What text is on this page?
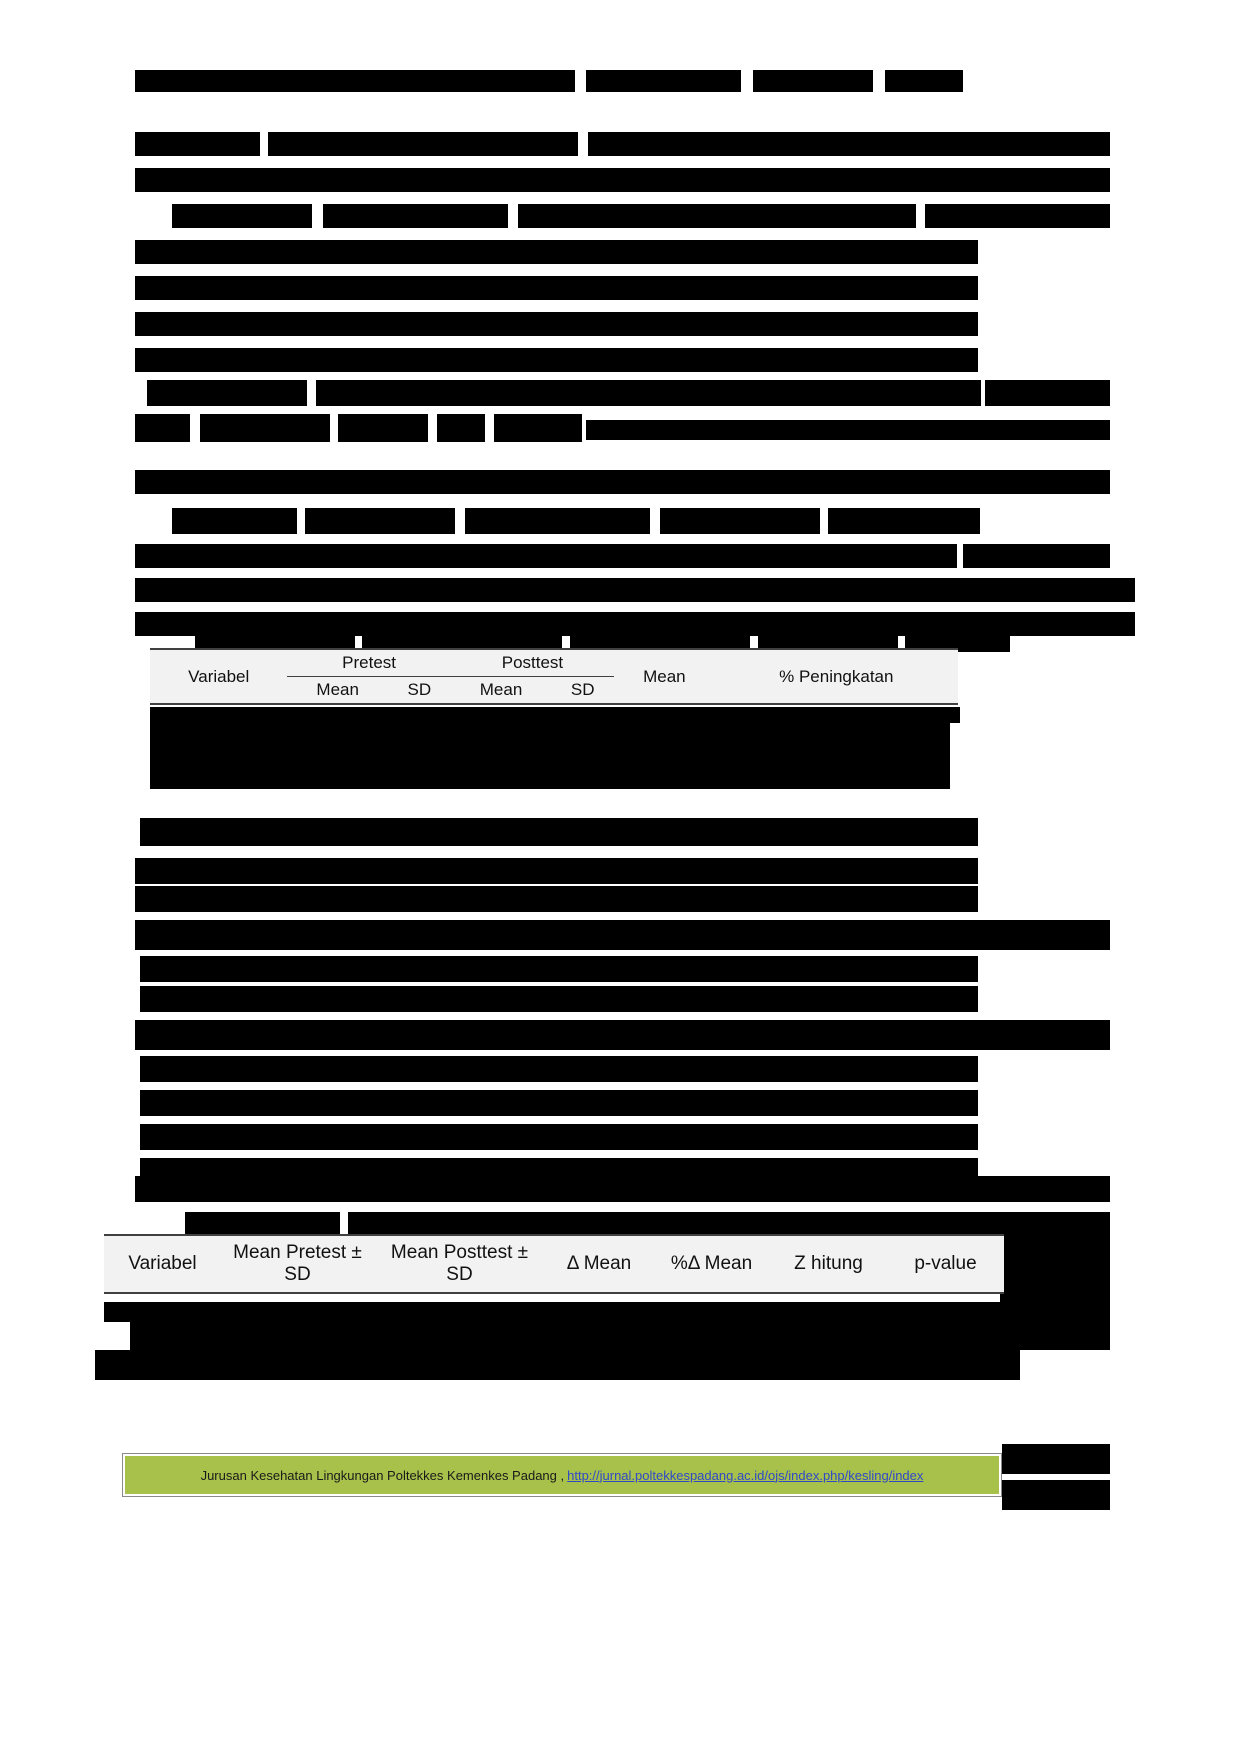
Variabel	Pretest		Posttest		Mean	% Peningkatan
	Mean	SD	Mean	SD		
Variabel	Mean Pretest ± SD	Mean Posttest ± SD	Δ Mean	%Δ Mean	Z hitung	p-value
Jurusan Kesehatan Lingkungan Poltekkes Kemenkes Padang , http://jurnal.poltekkespadang.ac.id/ojs/index.php/kesling/index
